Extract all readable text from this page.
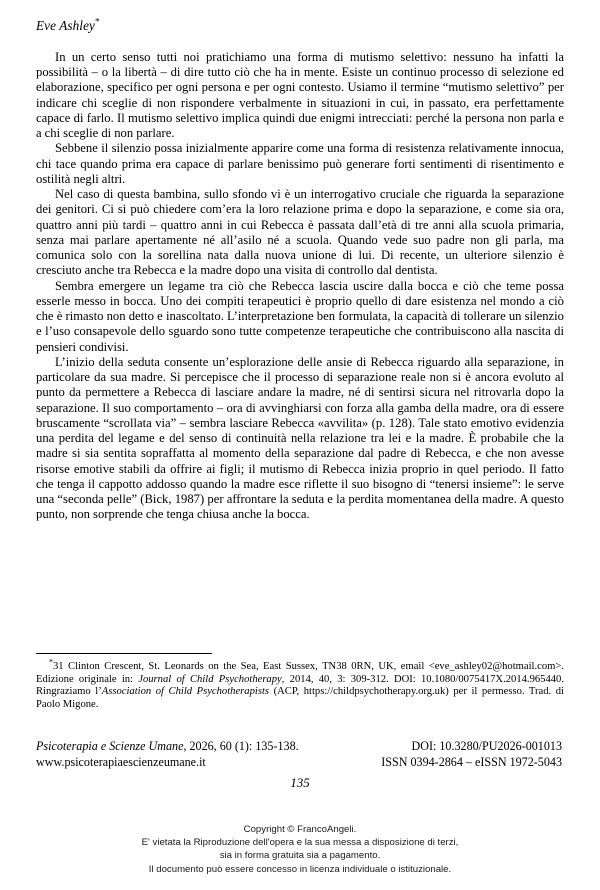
Eve Ashley*

In un certo senso tutti noi pratichiamo una forma di mutismo selettivo: nessuno ha infatti la possibilità – o la libertà – di dire tutto ciò che ha in mente. Esiste un continuo processo di selezione ed elaborazione, specifico per ogni persona e per ogni contesto. Usiamo il termine “mutismo selettivo” per indicare chi sceglie di non rispondere verbalmente in situazioni in cui, in passato, era perfettamente capace di farlo. Il mutismo selettivo implica quindi due enigmi intrecciati: perché la persona non parla e a chi sceglie di non parlare.

Sebbene il silenzio possa inizialmente apparire come una forma di resistenza relativamente innocua, chi tace quando prima era capace di parlare benissimo può generare forti sentimenti di risentimento e ostilità negli altri.

Nel caso di questa bambina, sullo sfondo vi è un interrogativo cruciale che riguarda la separazione dei genitori. Ci si può chiedere com’era la loro relazione prima e dopo la separazione, e come sia ora, quattro anni più tardi – quattro anni in cui Rebecca è passata dall’età di tre anni alla scuola primaria, senza mai parlare apertamente né all’asilo né a scuola. Quando vede suo padre non gli parla, ma comunica solo con la sorellina nata dalla nuova unione di lui. Di recente, un ulteriore silenzio è cresciuto anche tra Rebecca e la madre dopo una visita di controllo dal dentista.

Sembra emergere un legame tra ciò che Rebecca lascia uscire dalla bocca e ciò che teme possa esserle messo in bocca. Uno dei compiti terapeutici è proprio quello di dare esistenza nel mondo a ciò che è rimasto non detto e inascoltato. L’interpretazione ben formulata, la capacità di tollerare un silenzio e l’uso consapevole dello sguardo sono tutte competenze terapeutiche che contribuiscono alla nascita di pensieri condivisi.

L’inizio della seduta consente un’esplorazione delle ansie di Rebecca riguardo alla separazione, in particolare da sua madre. Si percepisce che il processo di separazione reale non si è ancora evoluto al punto da permettere a Rebecca di lasciare andare la madre, né di sentirsi sicura nel ritrovarla dopo la separazione. Il suo comportamento – ora di avvinghiarsi con forza alla gamba della madre, ora di essere bruscamente “scrollata via” – sembra lasciare Rebecca «avvilita» (p. 128). Tale stato emotivo evidenzia una perdita del legame e del senso di continuità nella relazione tra lei e la madre. È probabile che la madre si sia sentita sopraffatta al momento della separazione dal padre di Rebecca, e che non avesse risorse emotive stabili da offrire ai figli; il mutismo di Rebecca inizia proprio in quel periodo. Il fatto che tenga il cappotto addosso quando la madre esce riflette il suo bisogno di “tenersi insieme”: le serve una “seconda pelle” (Bick, 1987) per affrontare la seduta e la perdita momentanea della madre. A questo punto, non sorprende che tenga chiusa anche la bocca.

*31 Clinton Crescent, St. Leonards on the Sea, East Sussex, TN38 0RN, UK, email <eve_ashley02@hotmail.com>. Edizione originale in: Journal of Child Psychotherapy, 2014, 40, 3: 309-312. DOI: 10.1080/0075417X.2014.965440. Ringraziamo l’Association of Child Psychotherapists (ACP, https://childpsychotherapy.org.uk) per il permesso. Trad. di Paolo Migone.

Psicoterapia e Scienze Umane, 2026, 60 (1): 135-138.	DOI: 10.3280/PU2026-001013
www.psicoterapiaescienzeumane.it	ISSN 0394-2864 – eISSN 1972-5043
135
Copyright © FrancoAngeli.
E' vietata la Riproduzione dell'opera e la sua messa a disposizione di terzi,
sia in forma gratuita sia a pagamento.
Il documento può essere concesso in licenza individuale o istituzionale.
